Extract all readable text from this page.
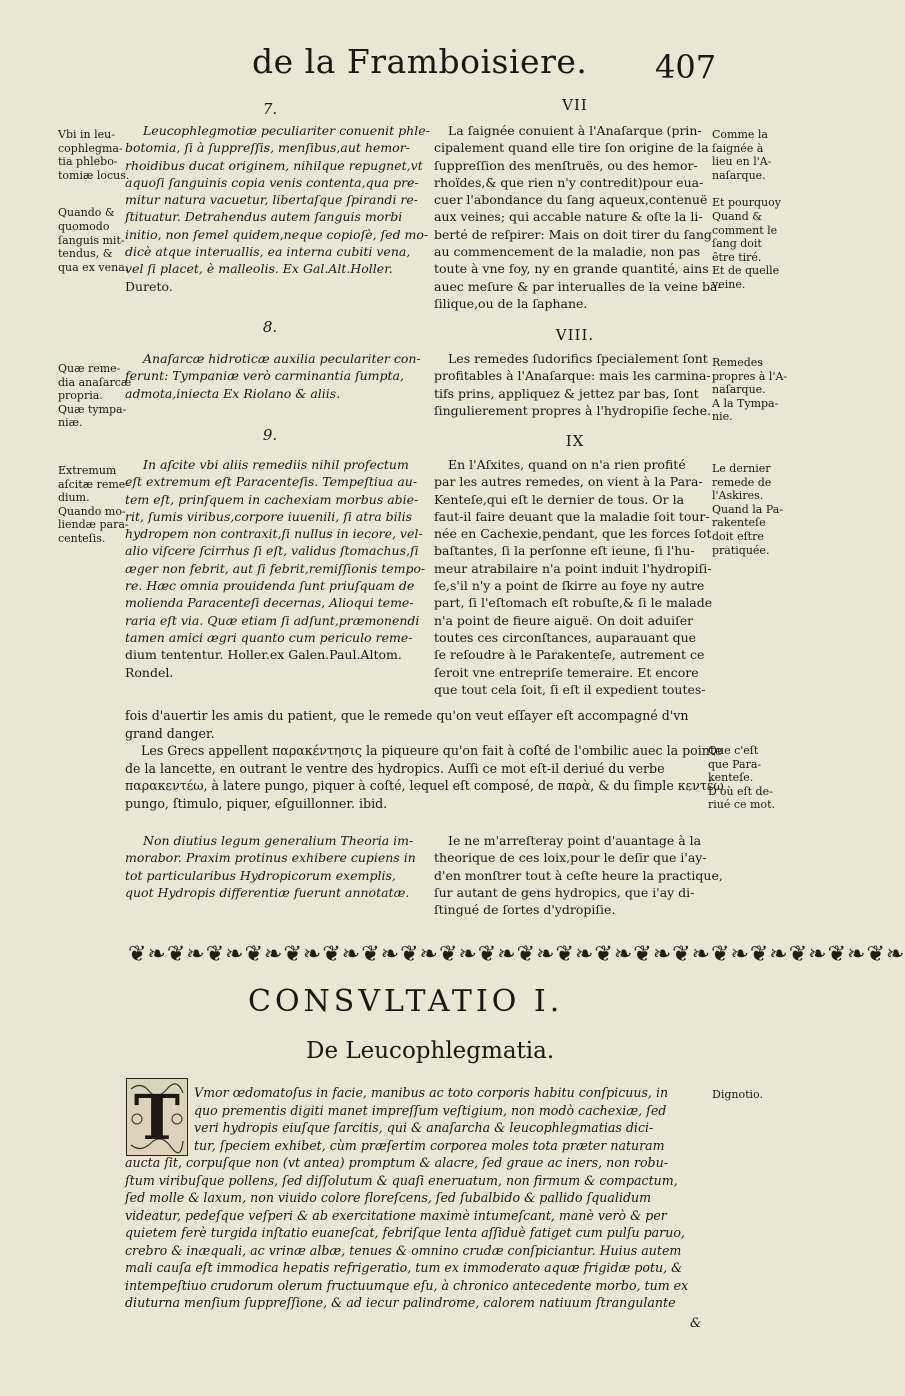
de la Framboisiere. 407
7.	VII
Vbi in leu-
cophlegma-
tia phlebo-
tomiæ locus.
Quando &
quomodo
ſanguis mit-
tendus, &
qua ex vena.
Leucophlegmotiæ peculiariter conuenit phle-
botomia, ſi à ſuppreſſis, menſibus,aut hemor-
rhoidibus ducat originem, nihilque repugnet,vt
aquoſi ſanguinis copia venis contenta,qua pre-
mitur natura vacuetur, libertaſque ſpirandi re-
ſtituatur. Detrahendus autem ſanguis morbi
initio, non ſemel quidem,neque copioſè, ſed mo-
dicè atque interuallis, ea interna cubiti vena,
vel ſi placet, è malleolis. Ex Gal.Alt.Holler.
Dureto.
La ſaignée conuient à l'Anaſarque (prin-
cipalement quand elle tire ſon origine de la
ſuppreſſion des menſtruës, ou des hemor-
rhoïdes,& que rien n'y contredit)pour eua-
cuer l'abondance du ſang aqueux,contenuë
aux veines; qui accable nature & oſte la li-
berté de reſpirer: Mais on doit tirer du ſang
au commencement de la maladie, non pas
toute à vne foy, ny en grande quantité, ains
auec meſure & par interualles de la veine ba-
ſilique,ou de la ſaphane.
Comme la
ſaignée à
lieu en l'A-
naſarque.
Et pourquoy
Quand &
comment le
ſang doit
être tiré.
Et de quelle
veine.
8.	VIII.
Quæ reme-
dia anaſarcæ
propria.
Quæ tympa-
niæ.
Anaſarcæ hidroticæ auxilia peculariter con-
ferunt: Tympaniæ verò carminantia ſumpta,
admota,iniecta Ex Riolano & aliis.
Les remedes ſudorifics ſpecialement ſont
profitables à l'Anaſarque: mais les carmina-
tifs prins, appliquez & jettez par bas, ſont
ſingulierement propres à l'hydropiſie ſeche.
Remedes
propres à l'A-
naſarque.
A la Tympa-
nie.
9.	IX
Extremum
aſcitæ reme-
dium.
Quando mo-
liendæ para-
centeſis.
In aſcite vbi aliis remediis nihil profectum
eſt extremum eſt Paracenteſis. Tempeſtiua au-
tem eſt, prinſquem in cachexiam morbus abie-
rit, ſumis viribus,corpore iuuenili, ſi atra bilis
hydropem non contraxit,ſi nullus in iecore, vel-
alio viſcere ſcirrhus ſi eſt, validus ſtomachus,ſi
æger non febrit, aut ſi febrit,remiſſionis tempo-
re. Hæc omnia prouidenda ſunt priuſquam de
molienda Paracenteſi decernas, Alioqui teme-
raria eſt via. Quæ etiam ſi adſunt,præmonendi
tamen amici ægri quanto cum periculo reme-
dium tententur. Holler.ex Galen.Paul.Altom.
Rondel.
En l'Aſxites, quand on n'a rien profité
par les autres remedes, on vient à la Para-
Kenteſe,qui eſt le dernier de tous. Or la
faut-il faire deuant que la maladie ſoit tour-
née en Cachexie,pendant, que les forces ſot
baſtantes, ſi la perſonne eſt ieune, ſi l'hu-
meur atrabilaire n'a point induit l'hydropiſi-
ſe,s'il n'y a point de ſkirre au foye ny autre
part, ſi l'eſtomach eſt robuſte,& ſi le malade
n'a point de fieure aiguë. On doit aduiſer
toutes ces circonſtances, auparauant que
ſe reſoudre à le Parakenteſe, autrement ce
ſeroit vne entrepriſe temeraire. Et encore
que tout cela ſoit, ſi eſt il expedient toutes-
Le dernier
remede de
l'Askires.
Quand la Pa-
rakenteſe
doit eſtre
pratiquée.
fois d'auertir les amis du patient, que le remede qu'on veut eſſayer eſt accompagné d'vn
grand danger.
Les Grecs appellent παρακέντησις la piqueure qu'on fait à coſté de l'ombilic auec la pointe
de la lancette, en outrant le ventre des hydropics. Auſſi ce mot eſt-il deriué du verbe
παρακεντέω, à latere pungo, piquer à coſté, lequel eſt composé, de παρὰ, & du ſimple κεντέω
pungo, ſtimulo, piquer, eſguillonner. ibid.
Que c'eſt
que Para-
kenteſe.
D'où eſt de-
riué ce mot.
Non diutius legum generalium Theoria im-
morabor. Praxim protinus exhibere cupiens in
tot particularibus Hydropicorum exemplis,
quot Hydropis differentiæ fuerunt annotatæ.
Ie ne m'arreſteray point d'auantage à la
theorique de ces loix,pour le deſir que i'ay-
d'en monſtrer tout à ceſte heure la practique,
ſur autant de gens hydropics, que i'ay di-
ſtingué de ſortes d'ydropiſie.
❦❧❦❧❦❧❦❧❦❧❦❧❦❧❦❧❦❧❦❧❦❧❦❧❦❧❦❧❦❧❦❧❦❧❦❧❦❧❦❧
CONSVLTATIO I.
De Leucophlegmatia.
T	Dignotio.
Vmor œdomatoſus in facie, manibus ac toto corporis habitu conſpicuus, in
quo prementis digiti manet impreſſum veſtigium, non modò cachexiæ, ſed
veri hydropis eiuſque ſarcitis, qui & anaſarcha & leucophlegmatias dici-
tur, ſpeciem exhibet, cùm præſertim corporea moles tota præter naturam
aucta ſit, corpuſque non (vt antea) promptum & alacre, ſed graue ac iners, non robu-
ſtum viribuſque pollens, ſed diſſolutum & quaſi eneruatum, non firmum & compactum,
ſed molle & laxum, non viuido colore floreſcens, ſed ſubalbido & pallido ſqualidum
videatur, pedeſque veſperi & ab exercitatione maximè intumeſcant, manè verò & per
quietem ferè turgida inſtatio euaneſcat, febriſque lenta aſſiduè fatiget cum pulſu paruo,
crebro & inæquali, ac vrinæ albæ, tenues & omnino crudæ conſpiciantur. Huius autem
mali cauſa eſt immodica hepatis refrigeratio, tum ex immoderato aquæ frigidæ potu, &
intempeſtiuo crudorum olerum fructuumque eſu, à chronico antecedente morbo, tum ex
diuturna menſium ſuppreſſione, & ad iecur palindrome, calorem natiuum ſtrangulante
&
